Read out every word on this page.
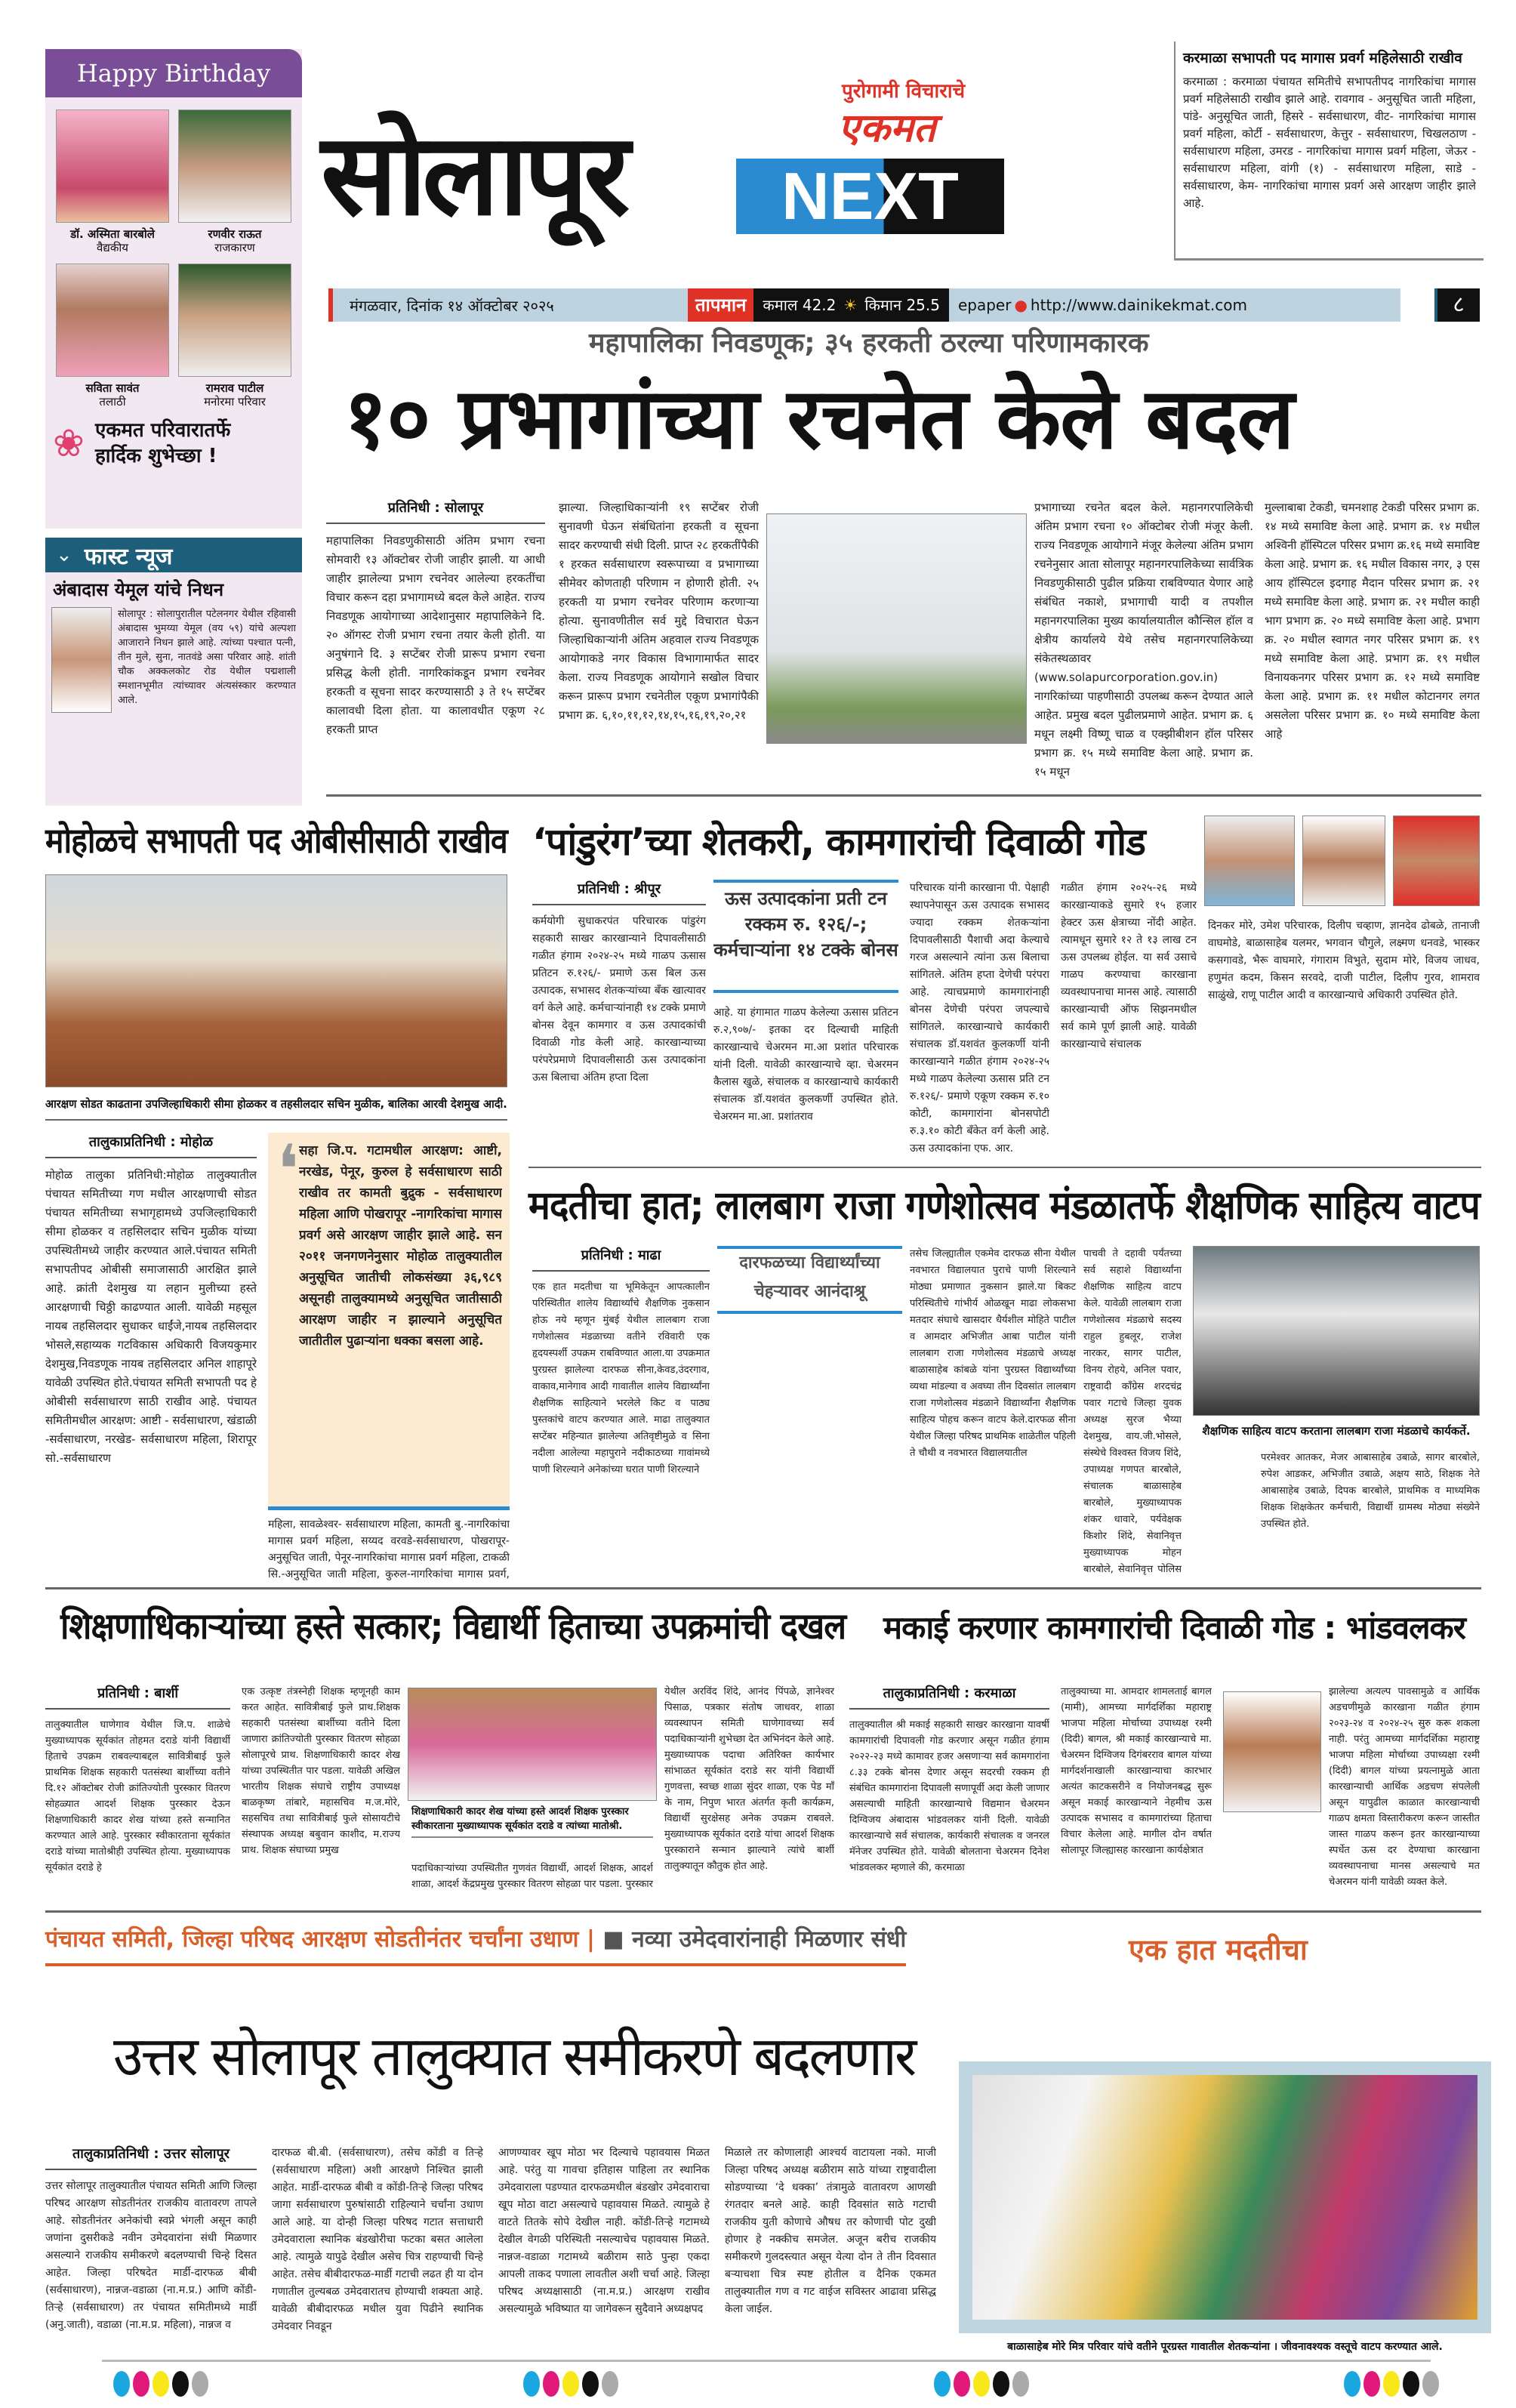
Happy Birthday
डॉ. अस्मिता बारबोले
वैद्यकीय
रणवीर राऊत
राजकारण
सविता सावंत
तलाठी
रामराव पाटील
मनोरमा परिवार
❀ एकमत परिवारातर्फे
हार्दिक शुभेच्छा !
सोलापूर
पुरोगामी विचाराचे
एकमत
NEXT
करमाळा सभापती पद मागास प्रवर्ग महिलेसाठी राखीव
करमाळा : करमाळा पंचायत समितीचे सभापतीपद नागरिकांचा मागास प्रवर्ग महिलेसाठी राखीव झाले आहे. रावगाव - अनुसूचित जाती महिला, पांडे- अनुसूचित जाती, हिसरे - सर्वसाधारण, वीट- नागरिकांचा मागास प्रवर्ग महिला, कोर्टी - सर्वसाधारण, केत्तुर - सर्वसाधारण, चिखलठाण - सर्वसाधारण महिला, उमरड - नागरिकांचा मागास प्रवर्ग महिला, जेऊर - सर्वसाधारण महिला, वांगी (१) - सर्वसाधारण महिला, साडे - सर्वसाधारण, केम- नागरिकांचा मागास प्रवर्ग असे आरक्षण जाहीर झाले आहे.
मंगळवार, दिनांक १४ ऑक्टोबर २०२५	तापमान	कमाल 42.2 ☀ किमान 25.5	epaper ● http://www.dainikekmat.com	८
महापालिका निवडणूक; ३५ हरकती ठरल्या परिणामकारक
१० प्रभागांच्या रचनेत केले बदल
प्रतिनिधी : सोलापूर
महापालिका निवडणुकीसाठी अंतिम प्रभाग रचना सोमवारी १३ ऑक्टोबर रोजी जाहीर झाली. या आधी जाहीर झालेल्या प्रभाग रचनेवर आलेल्या हरकतींचा विचार करून दहा प्रभागामध्ये बदल केले आहेत. राज्य निवडणूक आयोगाच्या आदेशानुसार महापालिकेने दि. २० ऑगस्ट रोजी प्रभाग रचना तयार केली होती. या अनुषंगाने दि. ३ सप्टेंबर रोजी प्रारूप प्रभाग रचना प्रसिद्ध केली होती. नागरिकांकडून प्रभाग रचनेवर हरकती व सूचना सादर करण्यासाठी ३ ते १५ सप्टेंबर कालावधी दिला होता. या कालावधीत एकूण २८ हरकती प्राप्त
झाल्या. जिल्हाधिकाऱ्यांनी १९ सप्टेंबर रोजी सुनावणी घेऊन संबंधितांना हरकती व सूचना सादर करण्याची संधी दिली. प्राप्त २८ हरकतींपैकी १ हरकत सर्वसाधारण स्वरूपाच्या व प्रभागाच्या सीमेवर कोणताही परिणाम न होणारी होती. २५ हरकती या प्रभाग रचनेवर परिणाम करणाऱ्या होत्या. सुनावणीतील सर्व मुद्दे विचारात घेऊन जिल्हाधिकाऱ्यांनी अंतिम अहवाल राज्य निवडणूक आयोगाकडे नगर विकास विभागामार्फत सादर केला. राज्य निवडणूक आयोगाने सखोल विचार करून प्रारूप प्रभाग रचनेतील एकूण प्रभागांपैकी प्रभाग क्र. ६,१०,११,१२,१४,१५,१६,१९,२०,२१
प्रभागाच्या रचनेत बदल केले. महानगरपालिकेची अंतिम प्रभाग रचना १० ऑक्टोबर रोजी मंजूर केली. राज्य निवडणूक आयोगाने मंजूर केलेल्या अंतिम प्रभाग रचनेनुसार आता सोलापूर महानगरपालिकेच्या सार्वत्रिक निवडणुकीसाठी पुढील प्रक्रिया राबविण्यात येणार आहे संबंधित नकाशे, प्रभागाची यादी व तपशील महानगरपालिका मुख्य कार्यालयातील कौन्सिल हॉल व क्षेत्रीय कार्यालये येथे तसेच महानगरपालिकेच्या संकेतस्थळावर (www.solapurcorporation.gov.in) नागरिकांच्या पाहणीसाठी उपलब्ध करून देण्यात आले आहेत. प्रमुख बदल पुढीलप्रमाणे आहेत. प्रभाग क्र. ६ मधून लक्ष्मी विष्णू चाळ व एक्झीबीशन हॉल परिसर प्रभाग क्र. १५ मध्ये समाविष्ट केला आहे. प्रभाग क्र. १५ मधून
मुल्लाबाबा टेकडी, चमनशाह टेकडी परिसर प्रभाग क्र. १४ मध्ये समाविष्ट केला आहे. प्रभाग क्र. १४ मधील अश्विनी हॉस्पिटल परिसर प्रभाग क्र.१६ मध्ये समाविष्ट केला आहे. प्रभाग क्र. १६ मधील विकास नगर, ३ एस आय हॉस्पिटल इदगाह मैदान परिसर प्रभाग क्र. २१ मध्ये समाविष्ट केला आहे. प्रभाग क्र. २१ मधील काही भाग प्रभाग क्र. २० मध्ये समाविष्ट केला आहे. प्रभाग क्र. २० मधील स्वागत नगर परिसर प्रभाग क्र. १९ मध्ये समाविष्ट केला आहे. प्रभाग क्र. १९ मधील विनायकनगर परिसर प्रभाग क्र. १२ मध्ये समाविष्ट केला आहे. प्रभाग क्र. ११ मधील कोटानगर लगत असलेला परिसर प्रभाग क्र. १० मध्ये समाविष्ट केला आहे
⌄ फास्ट न्यूज
अंबादास येमूल यांचे निधन
सोलापूर : सोलापुरातील पटेलनगर येथील रहिवासी अंबादास भुमय्या येमूल (वय ५९) यांचे अल्पशा आजाराने निधन झाले आहे. त्यांच्या पश्चात पत्नी, तीन मुले, सुना, नातवंडे असा परिवार आहे. शांती चौक अक्कलकोट रोड येथील पद्मशाली स्मशानभूमीत त्यांच्यावर अंत्यसंस्कार करण्यात आले.
मोहोळचे सभापती पद ओबीसीसाठी राखीव
आरक्षण सोडत काढताना उपजिल्हाधिकारी सीमा होळकर व तहसीलदार सचिन मुळीक, बालिका आरवी देशमुख आदी.
तालुकाप्रतिनिधी : मोहोळ
मोहोळ तालुका प्रतिनिधी:मोहोळ तालुक्यातील पंचायत समितीच्या गण मधील आरक्षणाची सोडत पंचायत समितीच्या सभागृहामध्ये उपजिल्हाधिकारी सीमा होळकर व तहसिलदार सचिन मुळीक यांच्या उपस्थितीमध्ये जाहीर करण्यात आले.पंचायत समिती सभापतीपद ओबीसी समाजासाठी आरक्षित झाले आहे. क्रांती देशमुख या लहान मुलीच्या हस्ते आरक्षणाची चिठ्ठी काढण्यात आली. यावेळी महसूल नायब तहसिलदार सुधाकर धाईंजे,नायब तहसिलदार भोसले,सहाय्यक गटविकास अधिकारी विजयकुमार देशमुख,निवडणूक नायब तहसिलदार अनिल शाहापूरे यावेळी उपस्थित होते.पंचायत समिती सभापती पद हे ओबीसी सर्वसाधारण साठी राखीव आहे. पंचायत समितीमधील आरक्षण: आष्टी - सर्वसाधारण, खंडाळी -सर्वसाधारण, नरखेड- सर्वसाधारण महिला, शिरापूर सो.-सर्वसाधारण
❛ सहा जि.प. गटामधील आरक्षण: आष्टी, नरखेड, पेनूर, कुरुल हे सर्वसाधारण साठी राखीव तर कामती बुद्रुक - सर्वसाधारण महिला आणि पोखरापूर -नागरिकांचा मागास प्रवर्ग असे आरक्षण जाहीर झाले आहे. सन २०११ जनगणनेनुसार मोहोळ तालुक्यातील अनुसूचित जातीची लोकसंख्या ३६,९८९ असूनही तालुक्यामध्ये अनुसूचित जातीसाठी आरक्षण जाहीर न झाल्याने अनुसूचित जातीतील पुढाऱ्यांना धक्का बसला आहे.
महिला, सावळेश्वर- सर्वसाधारण महिला, कामती बु.-नागरिकांचा मागास प्रवर्ग महिला, सय्यद वरवडे-सर्वसाधारण, पोखरापूर- अनुसूचित जाती, पेनूर-नागरिकांचा मागास प्रवर्ग महिला, टाकळी सि.-अनुसूचित जाती महिला, कुरुल-नागरिकांचा मागास प्रवर्ग,
‘पांडुरंग’च्या शेतकरी, कामगारांची दिवाळी गोड
प्रतिनिधी : श्रीपूर
कर्मयोगी सुधाकरपंत परिचारक पांडुरंग सहकारी साखर कारखान्याने दिपावलीसाठी गळीत हंगाम २०२४-२५ मध्ये गाळप ऊसास प्रतिटन रु.१२६/- प्रमाणे ऊस बिल ऊस उत्पादक, सभासद शेतकऱ्यांच्या बँक खात्यावर वर्ग केले आहे. कर्मचाऱ्यांनाही १४ टक्के प्रमाणे बोनस देवून कामगार व ऊस उत्पादकांची दिवाळी गोड केली आहे. कारखान्याच्या परंपरेप्रमाणे दिपावलीसाठी ऊस उत्पादकांना ऊस बिलाचा अंतिम हप्ता दिला
ऊस उत्पादकांना प्रती टन रक्कम रु. १२६/-; कर्मचाऱ्यांना १४ टक्के बोनस
आहे. या हंगामात गाळप केलेल्या ऊसास प्रतिटन रु.२,९०७/- इतका दर दिल्याची माहिती कारखान्याचे चेअरमन मा.आ प्रशांत परिचारक यांनी दिली. यावेळी कारखान्याचे व्हा. चेअरमन कैलास खुळे, संचालक व कारखान्याचे कार्यकारी संचालक डॉ.यशवंत कुलकर्णी उपस्थित होते. चेअरमन मा.आ. प्रशांतराव
परिचारक यांनी कारखाना पी. पेक्षाही स्थापनेपासून ऊस उत्पादक सभासद ज्यादा रक्कम शेतकऱ्यांना दिपावलीसाठी पैशाची अदा केल्याचे गरज असल्याने त्यांना ऊस बिलाचा सांगितले. अंतिम हप्ता देणेची परंपरा आहे. त्याचप्रमाणे कामगारांनाही बोनस देणेची परंपरा जपल्याचे सांगितले. कारखान्याचे कार्यकारी संचालक डॉ.यशवंत कुलकर्णी यांनी कारखान्याने गळीत हंगाम २०२४-२५ मध्ये गाळप केलेल्या ऊसास प्रति टन रु.१२६/- प्रमाणे एकूण रक्कम रु.१० कोटी, कामगारांना बोनसपोटी रु.३.१० कोटी बँकेत वर्ग केली आहे. ऊस उत्पादकांना एफ. आर.
गळीत हंगाम २०२५-२६ मध्ये कारखान्याकडे सुमारे १५ हजार हेक्टर ऊस क्षेत्राच्या नोंदी आहेत. त्यामधून सुमारे १२ ते १३ लाख टन ऊस उपलब्ध होईल. या सर्व उसाचे गाळप करण्याचा कारखाना व्यवस्थापनाचा मानस आहे. त्यासाठी कारखान्याची ऑफ सिझनमधील सर्व कामे पूर्ण झाली आहे. यावेळी कारखान्याचे संचालक
दिनकर मोरे, उमेश परिचारक, दिलीप चव्हाण, ज्ञानदेव ढोबळे, तानाजी वाघमोडे, बाळासाहेब यलमर, भगवान चौगुले, लक्ष्मण धनवडे, भास्कर कसगावडे, भैरू वाघमारे, गंगाराम विभुते, सुदाम मोरे, विजय जाधव, हणुमंत कदम, किसन सरवदे, दाजी पाटील, दिलीप गुरव, शामराव साळुंखे, राणू पाटील आदी व कारखान्याचे अधिकारी उपस्थित होते.
मदतीचा हात; लालबाग राजा गणेशोत्सव मंडळातर्फे शैक्षणिक साहित्य वाटप
प्रतिनिधी : माढा
एक हात मदतीचा या भूमिकेतून आपत्कालीन परिस्थितीत शालेय विद्यार्थ्यांचे शैक्षणिक नुकसान होऊ नये म्हणून मुंबई येथील लालबाग राजा गणेशोत्सव मंडळाच्या वतीने रविवारी एक हृदयस्पर्शी उपक्रम राबविण्यात आला.या उपक्रमात पुरग्रस्त झालेल्या दारफळ सीना,केवड,उंदरगाव, वाकाव,मानेगाव आदी गावातील शालेय विद्यार्थ्यांना शैक्षणिक साहित्याने भरलेले किट व पाठ्य पुस्तकांचे वाटप करण्यात आले. माढा तालुक्यात सप्टेंबर महिन्यात झालेल्या अतिवृष्टीमुळे व सिना नदीला आलेल्या महापुराने नदीकाठच्या गावांमध्ये पाणी शिरल्याने अनेकांच्या घरात पाणी शिरल्याने
दारफळच्या विद्यार्थ्यांच्या चेहऱ्यावर आनंदाश्रू
तसेच जिल्ह्यातील एकमेव दारफळ सीना येथील नवभारत विद्यालयात पुराचे पाणी शिरल्याने मोठ्या प्रमाणात नुकसान झाले.या बिकट परिस्थितीचे गांभीर्य ओळखून माढा लोकसभा मतदार संघाचे खासदार धैर्यशील मोहिते पाटील व आमदार अभिजीत आबा पाटील यांनी लालबाग राजा गणेशोत्सव मंडळाचे अध्यक्ष बाळासाहेब कांबळे यांना पुरग्रस्त विद्यार्थ्यांच्या व्यथा मांडल्या व अवघ्या तीन दिवसांत लालबाग राजा गणेशोत्सव मंडळाने विद्यार्थ्यांना शैक्षणिक साहित्य पोहच करून वाटप केले.दारफळ सीना येथील जिल्हा परिषद प्राथमिक शाळेतील पहिली ते चौथी व नवभारत विद्यालयातील
पाचवी ते दहावी पर्यंतच्या सर्व सहाशे विद्यार्थ्यांना शैक्षणिक साहित्य वाटप केले. यावेळी लालबाग राजा गणेशोत्सव मंडळाचे सदस्य राहुल हुबलूर, राजेश नारकर, सागर पाटील, विनय रोहये, अनिल पवार, राष्ट्रवादी काँग्रेस शरदचंद्र पवार गटाचे जिल्हा युवक अध्यक्ष सुरज भैय्या देशमुख, वाय.जी.भोसले, संस्थेचे विश्वस्त विजय शिंदे, उपाध्यक्ष गणपत बारबोले, संचालक बाळासाहेब बारबोले, मुख्याध्यापक शंकर धावारे, पर्यवेक्षक किशोर शिंदे, सेवानिवृत्त मुख्याध्यापक मोहन बारबोले, सेवानिवृत्त पोलिस
शैक्षणिक साहित्य वाटप करताना लालबाग राजा मंडळाचे कार्यकर्ते.
परमेश्वर आतकर, मेजर आबासाहेब उबाळे, सागर बारबोले, रुपेश आडकर, अभिजीत उबाळे, अक्षय साठे, शिक्षक नेते आबासाहेब उबाळे, दिपक बारबोले, प्राथमिक व माध्यमिक शिक्षक शिक्षकेतर कर्मचारी, विद्यार्थी ग्रामस्थ मोठ्या संख्येने उपस्थित होते.
शिक्षणाधिकाऱ्यांच्या हस्ते सत्कार; विद्यार्थी हिताच्या उपक्रमांची दखल
प्रतिनिधी : बार्शी
तालुक्यातील घाणेगाव येथील जि.प. शाळेचे मुख्याध्यापक सूर्यकांत तोहमत दराडे यांनी विद्यार्थी हिताचे उपक्रम राबवल्याबद्दल सावित्रीबाई फुले प्राथमिक शिक्षक सहकारी पतसंस्था बार्शीच्या वतीने दि.१२ ऑक्टोबर रोजी क्रांतिज्योती पुरस्कार वितरण सोहळ्यात आदर्श शिक्षक पुरस्कार देऊन शिक्षणाधिकारी कादर शेख यांच्या हस्ते सन्मानित करण्यात आले आहे. पुरस्कार स्वीकारताना सूर्यकांत दराडे यांच्या मातोश्रीही उपस्थित होत्या. मुख्याध्यापक सूर्यकांत दराडे हे
एक उत्कृष्ट तंत्रस्नेही शिक्षक म्हणूनही काम करत आहेत. सावित्रीबाई फुले प्राथ.शिक्षक सहकारी पतसंस्था बार्शीच्या वतीने दिला जाणारा क्रांतिज्योती पुरस्कार वितरण सोहळा सोलापूरचे प्राथ. शिक्षणाधिकारी कादर शेख यांच्या उपस्थितीत पार पडला. यावेळी अखिल भारतीय शिक्षक संघाचे राष्ट्रीय उपाध्यक्ष बाळकृष्ण तांबारे, महासचिव म.ज.मोरे, सहसचिव तथा सावित्रीबाई फुले सोसायटीचे संस्थापक अध्यक्ष बबुवान काशीद, म.राज्य प्राथ. शिक्षक संघाच्या प्रमुख
शिक्षणाधिकारी कादर शेख यांच्या हस्ते आदर्श शिक्षक पुरस्कार स्वीकारताना मुख्याध्यापक सूर्यकांत दराडे व त्यांच्या मातोश्री.
पदाधिकाऱ्यांच्या उपस्थितीत गुणवंत विद्यार्थी, आदर्श शिक्षक, आदर्श शाळा, आदर्श केंद्रप्रमुख पुरस्कार वितरण सोहळा पार पडला. पुरस्कार
येथील अरविंद शिंदे, आनंद पिंपळे, ज्ञानेश्वर पिसाळ, पत्रकार संतोष जाधवर, शाळा व्यवस्थापन समिती घाणेगावच्या सर्व पदाधिकाऱ्यांनी शुभेच्छा देत अभिनंदन केले आहे. मुख्याध्यापक पदाचा अतिरिक्त कार्यभार सांभाळत सूर्यकांत दराडे सर यांनी विद्यार्थी गुणवत्ता, स्वच्छ शाळा सुंदर शाळा, एक पेड माँ के नाम, निपुण भारत अंतर्गत कृती कार्यक्रम, विद्यार्थी सुरक्षेसह अनेक उपक्रम राबवले. मुख्याध्यापक सूर्यकांत दराडे यांचा आदर्श शिक्षक पुरस्काराने सन्मान झाल्याने त्यांचे बार्शी तालुक्यातून कौतुक होत आहे.
मकाई करणार कामगारांची दिवाळी गोड : भांडवलकर
तालुकाप्रतिनिधी : करमाळा
तालुक्यातील श्री मकाई सहकारी साखर कारखाना यावर्षी कामगारांची दिपावली गोड करणार असून गळीत हंगाम २०२२-२३ मध्ये कामावर हजर असणाऱ्या सर्व कामगारांना ८.३३ टक्के बोनस देणार असून सदरची रक्कम ही संबंधित कामगारांना दिपावली सणापूर्वी अदा केली जाणार असल्याची माहिती कारखान्याचे विद्यमान चेअरमन दिग्विजय अंबादास भांडवलकर यांनी दिली. यावेळी कारखान्याचे सर्व संचालक, कार्यकारी संचालक व जनरल मॅनेजर उपस्थित होते. यावेळी बोलताना चेअरमन दिनेश भांडवलकर म्हणाले की, करमाळा
तालुक्याच्या मा. आमदार शामलताई बागल (मामी), आमच्या मार्गदर्शिका महाराष्ट्र भाजपा महिला मोर्चाच्या उपाध्यक्ष रश्मी (दिदी) बागल, श्री मकाई कारखान्याचे मा. चेअरमन दिग्विजय दिगंबरराव बागल यांच्या मार्गदर्शनाखाली कारखान्याचा कारभार अत्यंत काटकसरीने व नियोजनबद्ध सुरू असून मकाई कारखान्याने नेहमीच ऊस उत्पादक सभासद व कामगारांच्या हिताचा विचार केलेला आहे. मागील दोन वर्षात सोलापूर जिल्ह्यासह कारखाना कार्यक्षेत्रात
झालेल्या अत्यल्प पावसामुळे व आर्थिक अडचणीमुळे कारखाना गळीत हंगाम २०२३-२४ व २०२४-२५ सुरु करू शकला नाही. परंतु आमच्या मार्गदर्शिका महाराष्ट्र भाजपा महिला मोर्चाच्या उपाध्यक्षा रश्मी (दिदी) बागल यांच्या प्रयत्नामुळे आता कारखान्याची आर्थिक अडचण संपलेली असून यापुढील काळात कारखान्याची गाळप क्षमता विस्तारीकरण करून जास्तीत जास्त गाळप करून इतर कारखान्याच्या स्पर्धेत ऊस दर देण्याचा कारखाना व्यवस्थापनाचा मानस असल्याचे मत चेअरमन यांनी यावेळी व्यक्त केले.
पंचायत समिती, जिल्हा परिषद आरक्षण सोडतीनंतर चर्चांना उधाण | ■ नव्या उमेदवारांनाही मिळणार संधी
उत्तर सोलापूर तालुक्यात समीकरणे बदलणार
तालुकाप्रतिनिधी : उत्तर सोलापूर
उत्तर सोलापूर तालुक्यातील पंचायत समिती आणि जिल्हा परिषद आरक्षण सोडतीनंतर राजकीय वातावरण तापले आहे. सोडतीनंतर अनेकांची स्वप्ने भंगली असून काही जणांना दुसरीकडे नवीन उमेदवारांना संधी मिळणार असल्याने राजकीय समीकरणे बदलण्याची चिन्हे दिसत आहेत. जिल्हा परिषदेत मार्डी-दारफळ बीबी (सर्वसाधारण), नान्नज-वडाळा (ना.म.प्र.) आणि कोंडी-तिऱ्हे (सर्वसाधारण) तर पंचायत समितीमध्ये मार्डी (अनु.जाती), वडाळा (ना.म.प्र. महिला), नान्नज व
दारफळ बी.बी. (सर्वसाधारण), तसेच कोंडी व तिऱ्हे (सर्वसाधारण महिला) अशी आरक्षणे निश्चित झाली आहेत. मार्डी-दारफळ बीबी व कोंडी-तिऱ्हे जिल्हा परिषद जागा सर्वसाधारण पुरुषांसाठी राहिल्याने चर्चांना उधाण आले आहे. या दोन्ही जिल्हा परिषद गटात सत्ताधारी उमेदवाराला स्थानिक बंडखोरीचा फटका बसत आलेला आहे. त्यामुळे यापुढे देखील असेच चित्र राहण्याची चिन्हे आहेत. तसेच बीबीदारफळ-मार्डी गटाची लढत ही या दोन गणातील तुल्यबळ उमेदवारातच होण्याची शक्यता आहे. यावेळी बीबीदारफळ मधील युवा पिढीने स्थानिक उमेदवार निवडून
आणण्यावर खूप मोठा भर दिल्याचे पहावयास मिळत आहे. परंतु या गावचा इतिहास पाहिला तर स्थानिक उमेदवाराला पडण्यात दारफळमधील बंडखोर उमेदवाराचा खूप मोठा वाटा असल्याचे पहावयास मिळते. त्यामुळे हे वाटते तितके सोपे देखील नाही. कोंडी-तिऱ्हे गटामध्ये देखील वेगळी परिस्थिती नसल्याचेच पहावयास मिळते. नान्नज-वडाळा गटामध्ये बळीराम साठे पुन्हा एकदा आपली ताकद पणाला लावतील अशी चर्चा आहे. जिल्हा परिषद अध्यक्षासाठी (ना.म.प्र.) आरक्षण राखीव असल्यामुळे भविष्यात या जागेवरून सुदैवाने अध्यक्षपद
मिळाले तर कोणालाही आश्चर्य वाटायला नको. माजी जिल्हा परिषद अध्यक्ष बळीराम साठे यांच्या राष्ट्रवादीला सोडण्याच्या ‘दे धक्का’ तंत्रामुळे वातावरण आणखी रंगतदार बनले आहे. काही दिवसांत साठे गटाची राजकीय युती कोणाचे औषध तर कोणाची पोट दुखी होणार हे नक्कीच समजेल. अजून बरीच राजकीय समीकरणे गुलदस्त्यात असून येत्या दोन ते तीन दिवसात बऱ्याचशा चित्र स्पष्ट होतील व दैनिक एकमत तालुक्यातील गण व गट वाईज सविस्तर आढावा प्रसिद्ध केला जाईल.
एक हात मदतीचा
बाळासाहेब मोरे मित्र परिवार यांचे वतीने पूरग्रस्त गावातील शेतकऱ्यांना । जीवनावश्यक वस्तूचे वाटप करण्यात आले.
